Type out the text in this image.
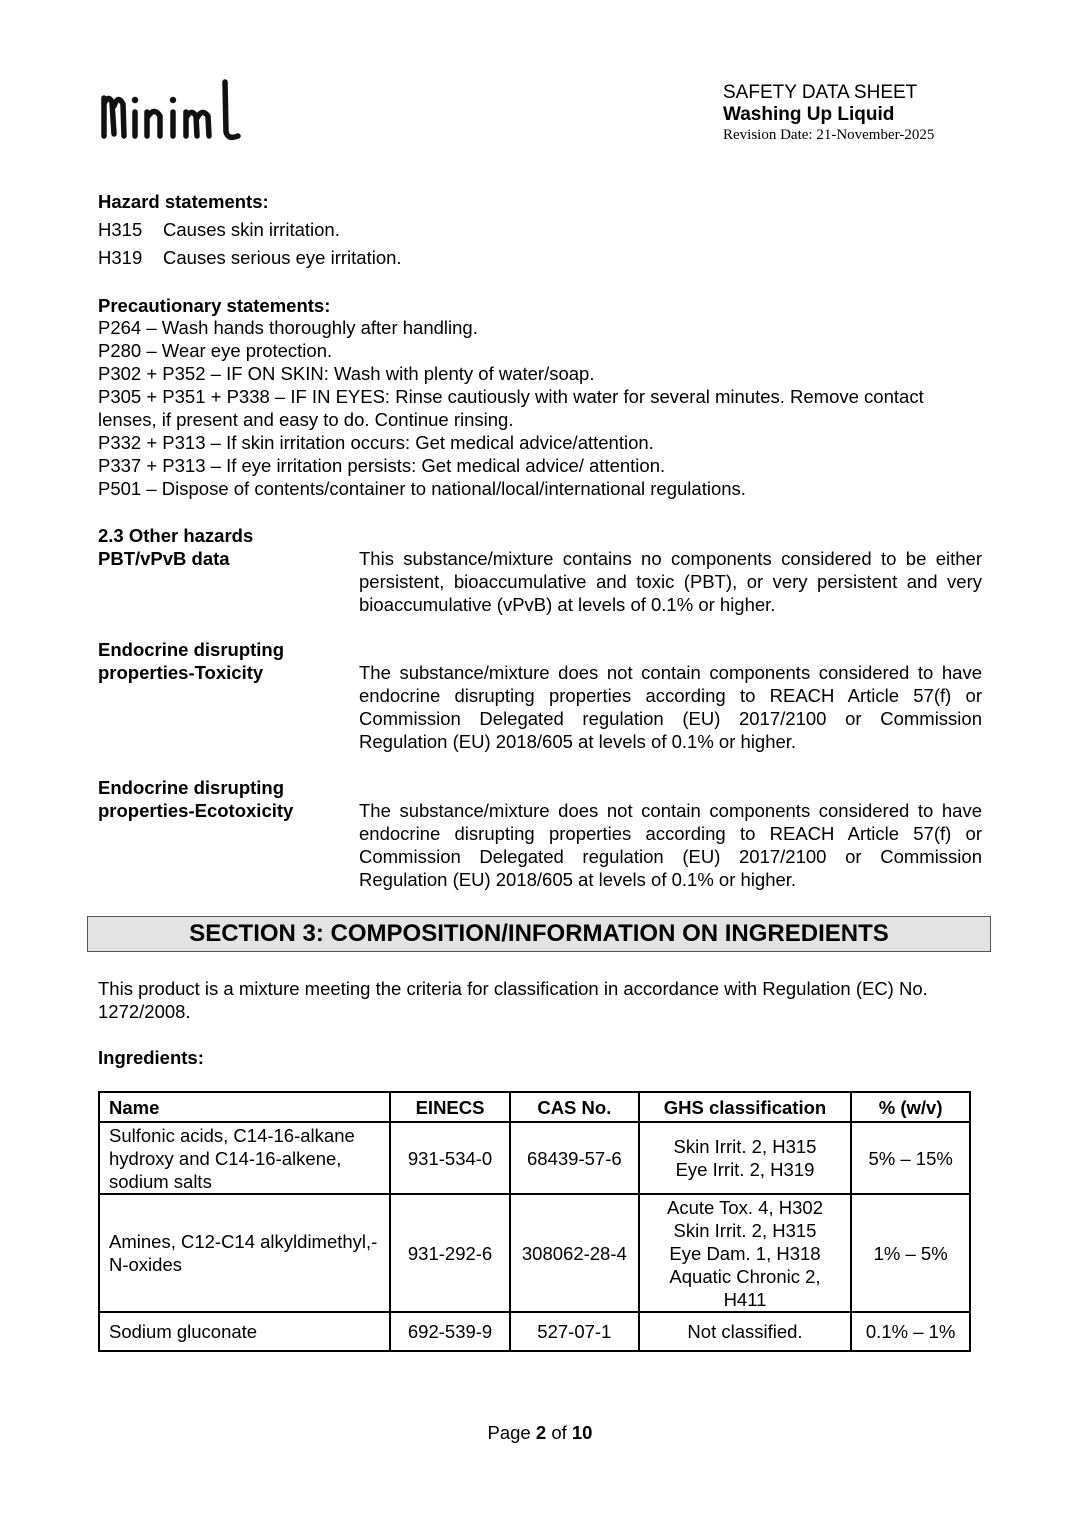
SAFETY DATA SHEET
Washing Up Liquid
Revision Date: 21-November-2025
Hazard statements:
H315	Causes skin irritation.
H319	Causes serious eye irritation.
Precautionary statements:
P264 – Wash hands thoroughly after handling.
P280 – Wear eye protection.
P302 + P352 – IF ON SKIN: Wash with plenty of water/soap.
P305 + P351 + P338 – IF IN EYES: Rinse cautiously with water for several minutes. Remove contact lenses, if present and easy to do. Continue rinsing.
P332 + P313 – If skin irritation occurs: Get medical advice/attention.
P337 + P313 – If eye irritation persists: Get medical advice/ attention.
P501 – Dispose of contents/container to national/local/international regulations.
2.3 Other hazards
PBT/vPvB data	This substance/mixture contains no components considered to be either persistent, bioaccumulative and toxic (PBT), or very persistent and very bioaccumulative (vPvB) at levels of 0.1% or higher.
Endocrine disrupting
properties-Toxicity	The substance/mixture does not contain components considered to have endocrine disrupting properties according to REACH Article 57(f) or Commission Delegated regulation (EU) 2017/2100 or Commission Regulation (EU) 2018/605 at levels of 0.1% or higher.
Endocrine disrupting
properties-Ecotoxicity	The substance/mixture does not contain components considered to have endocrine disrupting properties according to REACH Article 57(f) or Commission Delegated regulation (EU) 2017/2100 or Commission Regulation (EU) 2018/605 at levels of 0.1% or higher.
SECTION 3: COMPOSITION/INFORMATION ON INGREDIENTS
This product is a mixture meeting the criteria for classification in accordance with Regulation (EC) No. 1272/2008.
Ingredients:
Name	EINECS	CAS No.	GHS classification	% (w/v)
Sulfonic acids, C14-16-alkane hydroxy and C14-16-alkene, sodium salts	931-534-0	68439-57-6	Skin Irrit. 2, H315
Eye Irrit. 2, H319	5% – 15%
Amines, C12-C14 alkyldimethyl,-N-oxides	931-292-6	308062-28-4	Acute Tox. 4, H302
Skin Irrit. 2, H315
Eye Dam. 1, H318
Aquatic Chronic 2, H411	1% – 5%
Sodium gluconate	692-539-9	527-07-1	Not classified.	0.1% – 1%
Page 2 of 10
